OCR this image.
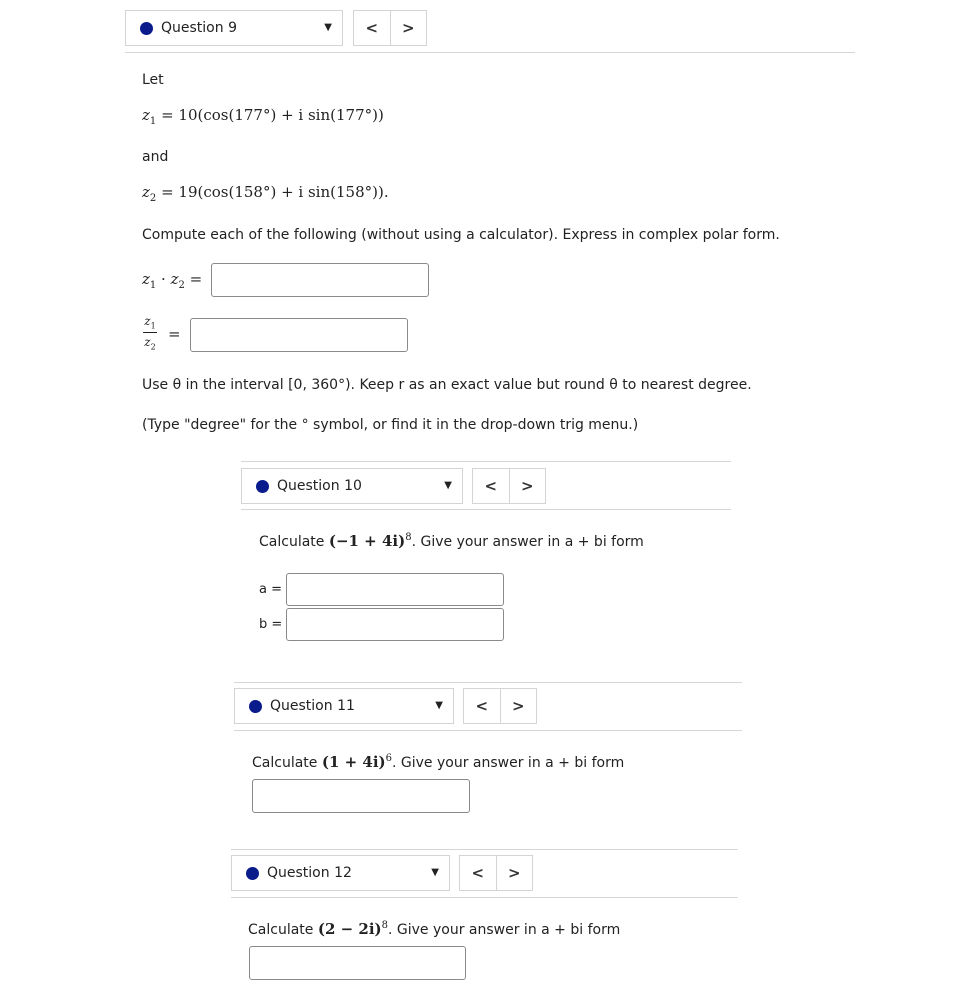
Question 9	▼	<	>
Let
$z_1 = 10(\cos(177^\circ) + i$ sin(177°))
and
$z_2 = 19(\cos(158^\circ) + i$ sin(158°)).
Compute each of the following (without using a calculator). Express in complex polar form.
$z_1 \cdot z_2$ =
$z_1$
$z_2$
=
Use θ in the interval [0, 360°). Keep r as an exact value but round θ to nearest degree.
(Type "degree" for the ° symbol, or find it in the drop-down trig menu.)
Question 10	▼	<	>
Calculate $(-1 + 4i)^8$. Give your answer in a + bi form
a =
b =
Question 11	▼	<	>
Calculate $(1 + 4i)^6$. Give your answer in a + bi form
Question 12	▼	<	>
Calculate $(2 - 2i)^8$. Give your answer in a + bi form
